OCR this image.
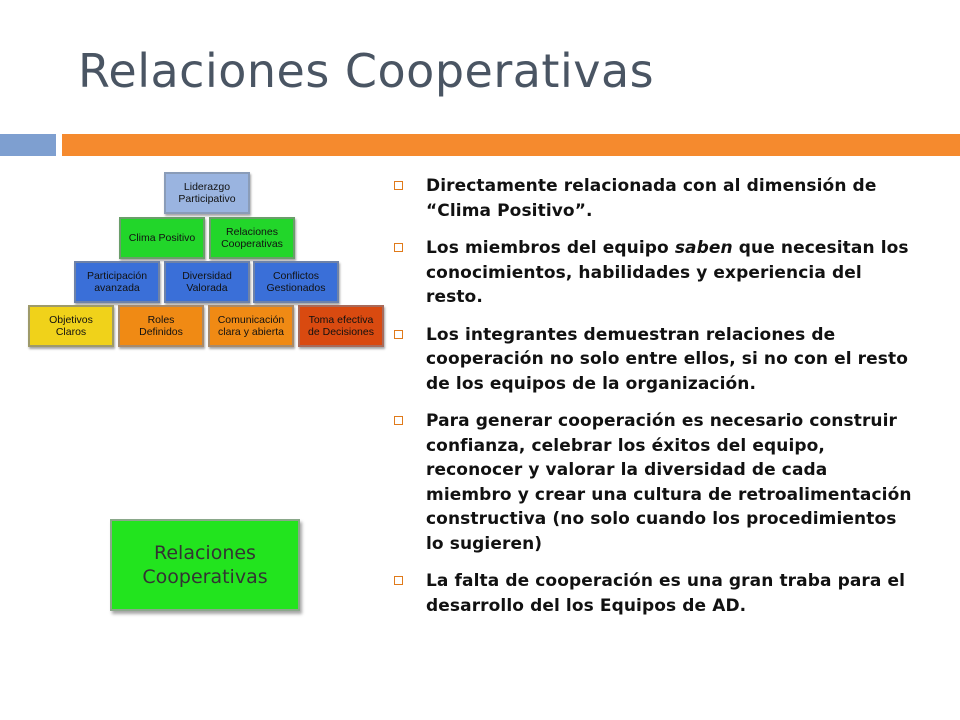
Relaciones Cooperativas
Liderazgo
Participativo
Clima Positivo
Relaciones
Cooperativas
Participación
avanzada
Diversidad
Valorada
Conflictos
Gestionados
Objetivos
Claros
Roles
Definidos
Comunicación
clara y abierta
Toma efectiva
de Decisiones
Relaciones
Cooperativas
Directamente relacionada con al dimensión de “Clima Positivo”.
Los miembros del equipo saben que necesitan los conocimientos, habilidades y experiencia del resto.
Los integrantes demuestran relaciones de cooperación no solo entre ellos, si no con el resto de los equipos de la organización.
Para generar cooperación es necesario construir confianza, celebrar los éxitos del equipo, reconocer y valorar la diversidad de cada miembro y crear una cultura de retroalimentación constructiva (no solo cuando los procedimientos lo sugieren)
La falta de cooperación es una gran traba para el desarrollo del los Equipos de AD.
